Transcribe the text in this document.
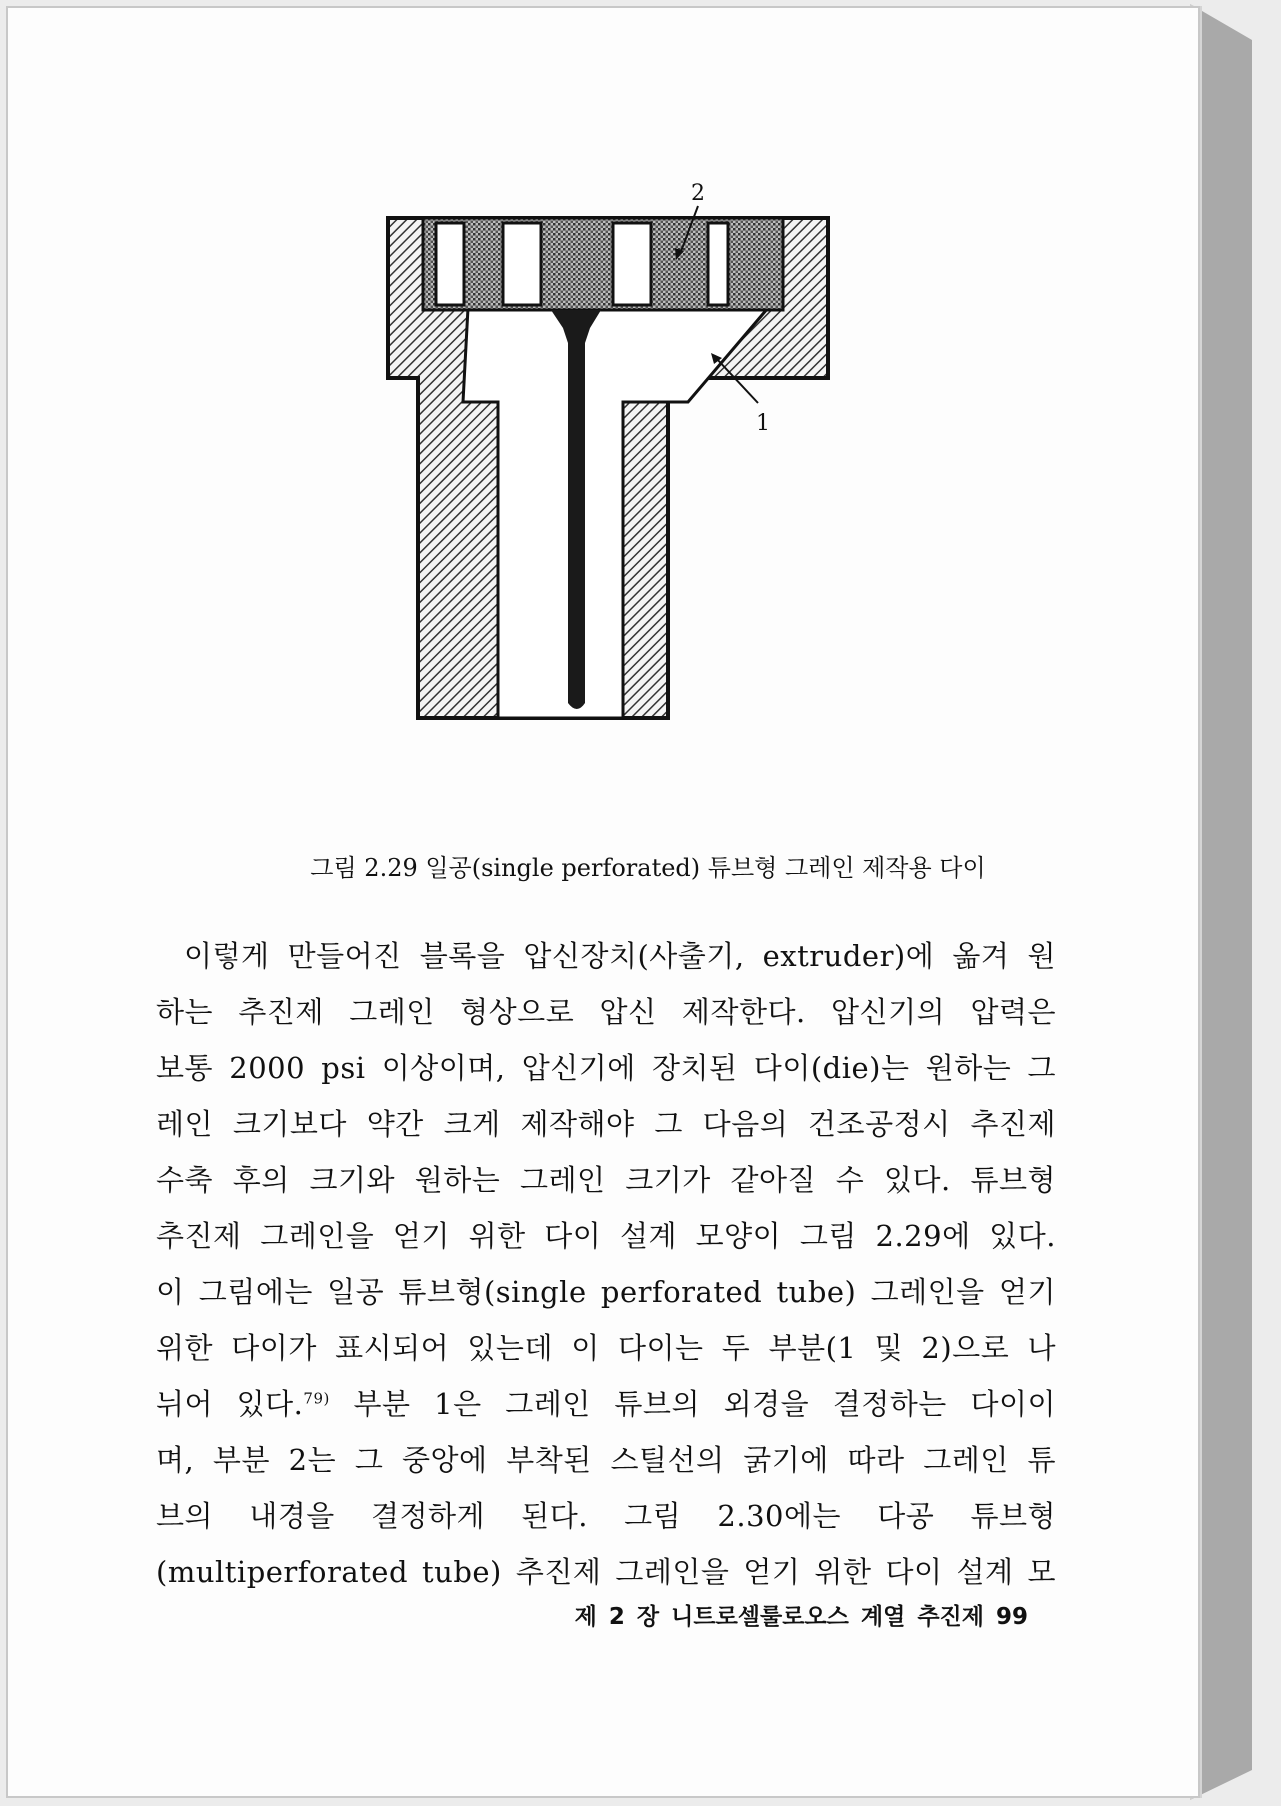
2
1
그림 2.29 일공(single perforated) 튜브형 그레인 제작용 다이
이렇게 만들어진 블록을 압신장치(사출기, extruder)에 옮겨 원
하는 추진제 그레인 형상으로 압신 제작한다. 압신기의 압력은
보통 2000 psi 이상이며, 압신기에 장치된 다이(die)는 원하는 그
레인 크기보다 약간 크게 제작해야 그 다음의 건조공정시 추진제
수축 후의 크기와 원하는 그레인 크기가 같아질 수 있다. 튜브형
추진제 그레인을 얻기 위한 다이 설계 모양이 그림 2.29에 있다.
이 그림에는 일공 튜브형(single perforated tube) 그레인을 얻기
위한 다이가 표시되어 있는데 이 다이는 두 부분(1 및 2)으로 나
뉘어 있다.$^{79)}$ 부분 1은 그레인 튜브의 외경을 결정하는 다이이
며, 부분 2는 그 중앙에 부착된 스틸선의 굵기에 따라 그레인 튜
브의 내경을 결정하게 된다. 그림 2.30에는 다공 튜브형
(multiperforated tube) 추진제 그레인을 얻기 위한 다이 설계 모
제 2 장 니트로셀룰로오스 계열 추진제 99
